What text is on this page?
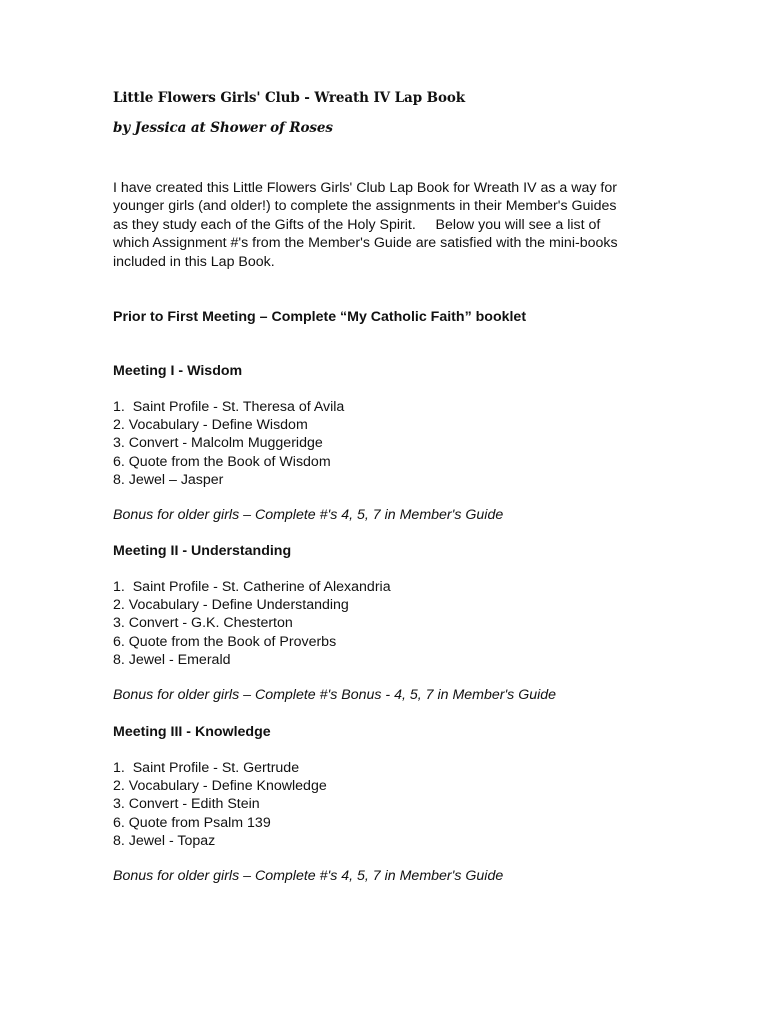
Little Flowers Girls' Club - Wreath IV Lap Book
by Jessica at Shower of Roses
I have created this Little Flowers Girls' Club Lap Book for Wreath IV as a way for
younger girls (and older!) to complete the assignments in their Member's Guides
as they study each of the Gifts of the Holy Spirit.     Below you will see a list of
which Assignment #'s from the Member's Guide are satisfied with the mini-books
included in this Lap Book.
Prior to First Meeting – Complete “My Catholic Faith” booklet
Meeting I - Wisdom
1.  Saint Profile - St. Theresa of Avila
2. Vocabulary - Define Wisdom
3. Convert - Malcolm Muggeridge
6. Quote from the Book of Wisdom
8. Jewel – Jasper
Bonus for older girls – Complete #'s 4, 5, 7 in Member's Guide
Meeting II - Understanding
1.  Saint Profile - St. Catherine of Alexandria
2. Vocabulary - Define Understanding
3. Convert - G.K. Chesterton
6. Quote from the Book of Proverbs
8. Jewel - Emerald
Bonus for older girls – Complete #'s Bonus - 4, 5, 7 in Member's Guide
Meeting III - Knowledge
1.  Saint Profile - St. Gertrude
2. Vocabulary - Define Knowledge
3. Convert - Edith Stein
6. Quote from Psalm 139
8. Jewel - Topaz
Bonus for older girls – Complete #'s 4, 5, 7 in Member's Guide
